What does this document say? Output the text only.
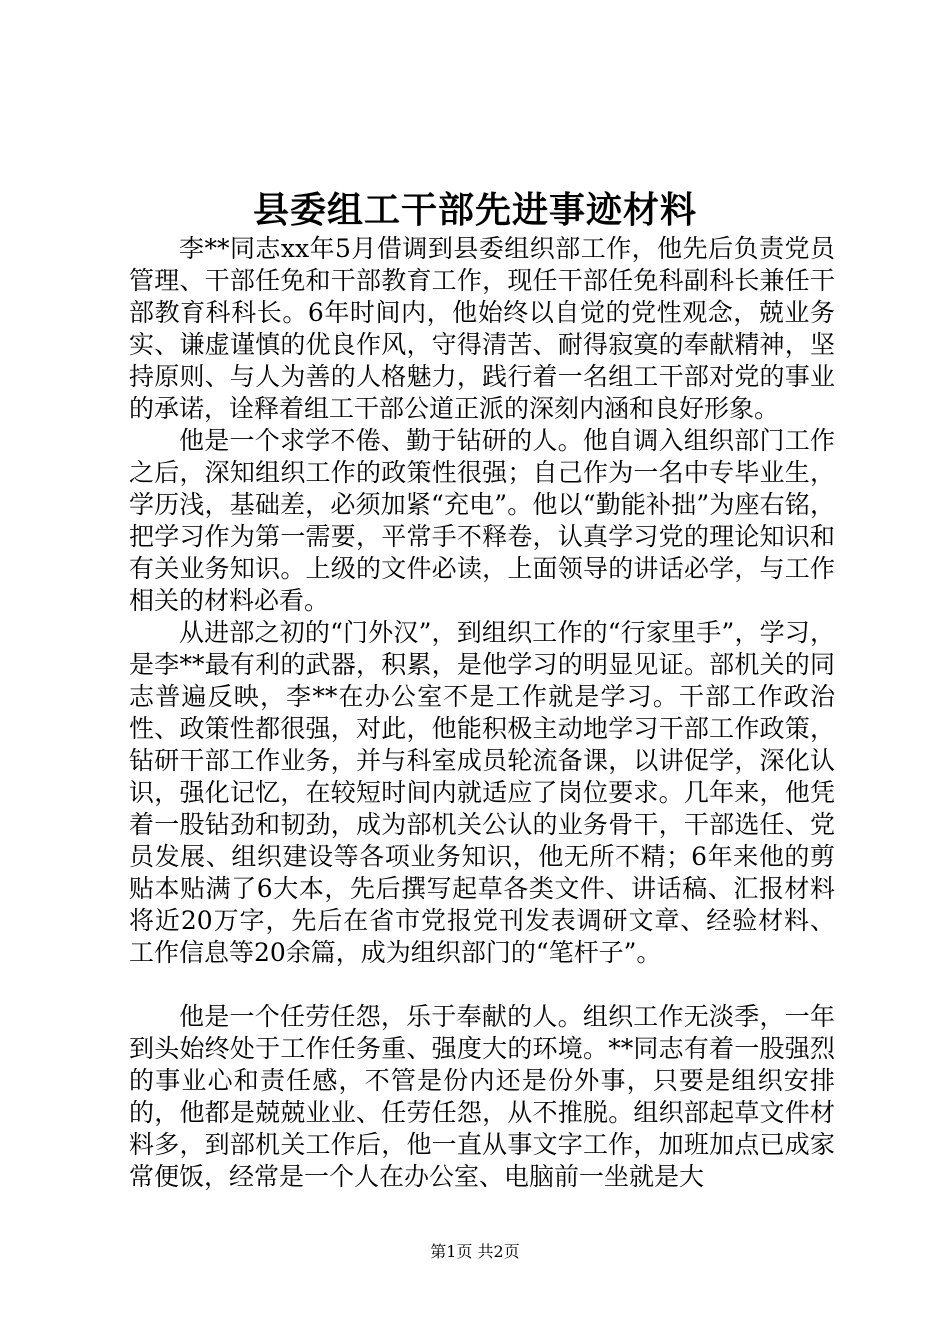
县委组工干部先进事迹材料

李**同志xx年5月借调到县委组织部工作，他先后负责党员管理、干部任免和干部教育工作，现任干部任免科副科长兼任干部教育科科长。6年时间内，他始终以自觉的党性观念，兢业务实、谦虚谨慎的优良作风，守得清苦、耐得寂寞的奉献精神，坚持原则、与人为善的人格魅力，践行着一名组工干部对党的事业的承诺，诠释着组工干部公道正派的深刻内涵和良好形象。

他是一个求学不倦、勤于钻研的人。他自调入组织部门工作之后，深知组织工作的政策性很强；自己作为一名中专毕业生，学历浅，基础差，必须加紧“充电”。他以“勤能补拙”为座右铭，把学习作为第一需要，平常手不释卷，认真学习党的理论知识和有关业务知识。上级的文件必读，上面领导的讲话必学，与工作相关的材料必看。

从进部之初的“门外汉”，到组织工作的“行家里手”，学习，是李**最有利的武器，积累，是他学习的明显见证。部机关的同志普遍反映，李**在办公室不是工作就是学习。干部工作政治性、政策性都很强，对此，他能积极主动地学习干部工作政策，钻研干部工作业务，并与科室成员轮流备课，以讲促学，深化认识，强化记忆，在较短时间内就适应了岗位要求。几年来，他凭着一股钻劲和韧劲，成为部机关公认的业务骨干，干部选任、党员发展、组织建设等各项业务知识，他无所不精；6年来他的剪贴本贴满了6大本，先后撰写起草各类文件、讲话稿、汇报材料将近20万字，先后在省市党报党刊发表调研文章、经验材料、工作信息等20余篇，成为组织部门的“笔杆子”。

他是一个任劳任怨，乐于奉献的人。组织工作无淡季，一年到头始终处于工作任务重、强度大的环境。**同志有着一股强烈的事业心和责任感，不管是份内还是份外事，只要是组织安排的，他都是兢兢业业、任劳任怨，从不推脱。组织部起草文件材料多，到部机关工作后，他一直从事文字工作，加班加点已成家常便饭，经常是一个人在办公室、电脑前一坐就是大

第1页 共2页
